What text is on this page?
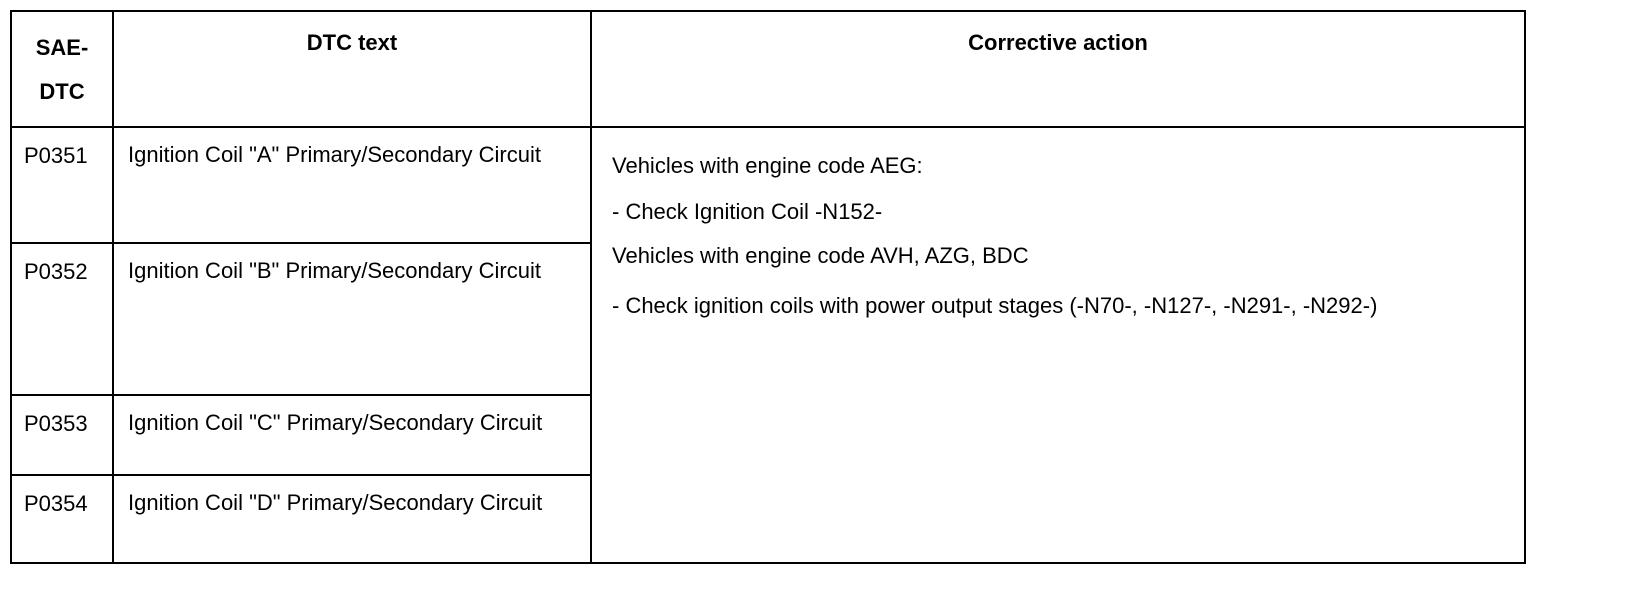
SAE-
DTC	DTC text	Corrective action
P0351	Ignition Coil "A" Primary/Secondary Circuit	Vehicles with engine code AEG:

- Check Ignition Coil -N152-

Vehicles with engine code AVH, AZG, BDC

- Check ignition coils with power output stages (-N70-, -N127-, -N291-, -N292-)

P0352	Ignition Coil "B" Primary/Secondary Circuit	
P0353	Ignition Coil "C" Primary/Secondary Circuit	
P0354	Ignition Coil "D" Primary/Secondary Circuit	
